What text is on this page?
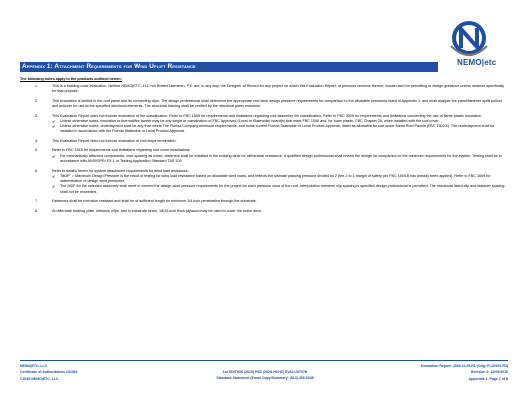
NEMO|etc
Appendix 1: Attachment Requirements for Wind Uplift Resistance
The following notes apply to the products outlined herein:
1.	This is a building code evaluation. Neither NEMO|ETC, LLC nor Robert Nieminen, P.E. are, in any way, the Designer of Record for any project on which this Evaluation Report, or previous versions thereof, is/was used for permitting or design guidance unless retained specifically for that purpose.
2.	This evaluation is limited to the roof panel and its connecting clips. The design professional shall determine the appropriate roof deck design pressure requirements for comparison to the allowable pressures listed in Appendix 1, and shall analyze the panel/fastener uplift pullout and pullover for use at the specified structural elements. The structural framing shall be verified by the structural plans examiner.
3.	This Evaluation Report does not include evaluation of fire classification. Refer to FBC 1505 for requirements and limitations regarding roof assembly fire classification. Refer to FBC 3009 for requirements and limitations concerning the use of flame plastic insulation.
✔ Unless otherwise noted, insulation or thermal/fire barrier may be any single or combination of FBC Approved (Local or Statewide) board(s) that meet FBC 1508 and, for foam plastic, FBC Chapter 26, when installed with the roof cover.
✔ Unless otherwise noted, underlayment shall be any that meets The Florida Company minimum requirements, and holds current Florida Statewide or Local Product Approval; listed as allowable for use under Metal Roof Panels (FBC 1502.4). The underlayment shall be installed in accordance with the Florida Statewide or Local Product Approval.
4.	This Evaluation Report does not include evaluation of roof slope termination.
5.	Refer to FBC 1515 for requirements and limitations regarding roof cover installations.
✔ For mechanically attached components, over-spacing as noted, fasteners shall be installed in the existing deck for withdrawal resistance. A qualified design professional shall review the design for comparison to the minimum requirements for the system. Testing shall be in accordance with ANSI/SPRI FX-1 or Testing Application Standard TAS 105.
6.	Refer to details herein for system attachment requirements for wind load resistance.
✔ "MDP" = Maximum Design Pressure is the result of testing for wind load resistance based on allowable wind loads, and reflects the ultimate passing pressure divided by 2 (the 2 to 1 margin of safety per FBC 1504.8 has already been applied). Refer to FBC 1609 for determination of design wind pressures.
✔ The MDP for the selected assembly shall meet or exceed the design wind pressure requirements for the project for each pressure zone of the roof. Interpolation between clip spacing is specified design professional is permitted. The maximum listed clip and fastener spacing shall not be exceeded.
7.	Fasteners shall be corrosion resistant and shall be of sufficient length for minimum 3/4-inch penetration through the substrate.
8.	An alternate bearing plate, between clips, and in substrate seam, 18/32-inch thick plywood may be used to cover the entire deck.
NEMO|ETC, LLC
Certificate of Authorization #32469
©2015 NEMO|ETC, LLC
1st EDITION (2015) FBC (NON-HVHZ) EVALUATION
Standard Statement (Email Copy/Summary: (813) 455-5338
Evaluation Report: 4545.11.25-R1 (Orig: FL10520-R4)
Revision 2: 12/09/2015
Appendix 1, Page 1 of 8
